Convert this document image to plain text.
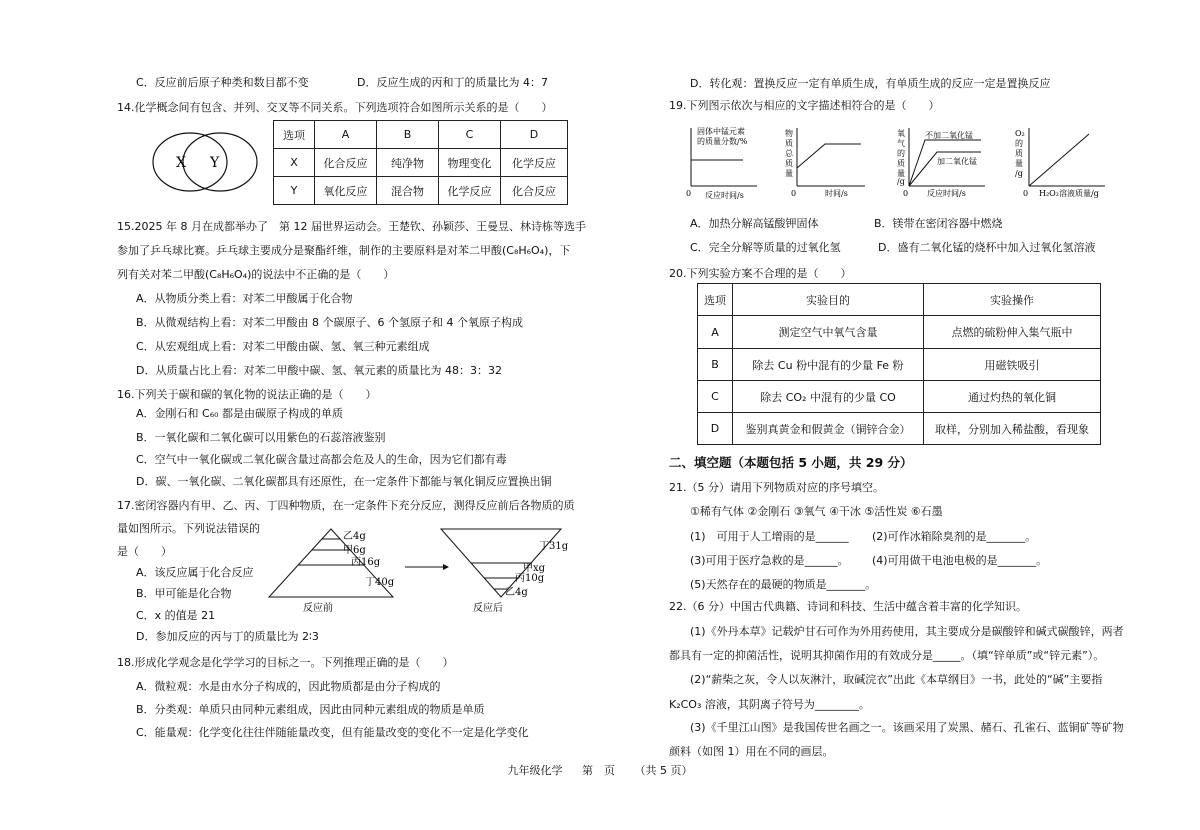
C．反应前后原子种类和数目都不变	D．反应生成的丙和丁的质量比为 4：7
14.化学概念间有包含、并列、交叉等不同关系。下列选项符合如图所示关系的是（　　）
X Y
选项	A	B	C	D
X	化合反应	纯净物	物理变化	化学反应
Y	氧化反应	混合物	化学反应	化合反应
15.2025 年 8 月在成都举办了　第 12 届世界运动会。王楚钦、孙颖莎、王曼昱、林诗栋等选手
参加了乒乓球比赛。乒乓球主要成分是聚酯纤维，制作的主要原料是对苯二甲酸(C₈H₆O₄)，下
列有关对苯二甲酸(C₈H₆O₄)的说法中不正确的是（　　）
A．从物质分类上看：对苯二甲酸属于化合物
B．从微观结构上看：对苯二甲酸由 8 个碳原子、6 个氢原子和 4 个氧原子构成
C．从宏观组成上看：对苯二甲酸由碳、氢、氧三种元素组成
D．从质量占比上看：对苯二甲酸中碳、氢、氧元素的质量比为 48：3：32
16.下列关于碳和碳的氧化物的说法正确的是（　　）
A．金刚石和 C₆₀ 都是由碳原子构成的单质
B．一氧化碳和二氧化碳可以用紫色的石蕊溶液鉴别
C．空气中一氧化碳或二氧化碳含量过高都会危及人的生命，因为它们都有毒
D．碳、一氧化碳、二氧化碳都具有还原性，在一定条件下都能与氧化铜反应置换出铜
17.密闭容器内有甲、乙、丙、丁四种物质，在一定条件下充分反应，测得反应前后各物质的质
量如图所示。下列说法错误的
是（　　）
A．该反应属于化合反应
B．甲可能是化合物
C．x 的值是 21
D．参加反应的丙与丁的质量比为 2∶3
乙4g
甲6g
丙16g
丁40g
反应前
丁31g
甲xg
丙10g
乙4g
反应后
18.形成化学观念是化学学习的目标之一。下列推理正确的是（　　）
A．微粒观：水是由水分子构成的，因此物质都是由分子构成的
B．分类观：单质只由同种元素组成，因此由同种元素组成的物质是单质
C．能量观：化学变化往往伴随能量改变，但有能量改变的变化不一定是化学变化
D．转化观：置换反应一定有单质生成，有单质生成的反应一定是置换反应
19.下列图示依次与相应的文字描述相符合的是（　　）
固体中锰元素
的质量分数/%
0 反应时间/s
物
质
总
质
量
0	时间/s
氧
气
的
质
量
/g
不加二氧化锰
加二氧化锰
0 反应时间/s
O₂
的
质
量
/g
0 H₂O₂溶液质量/g
A．加热分解高锰酸钾固体	B．镁带在密闭容器中燃烧
C．完全分解等质量的过氧化氢	D．盛有二氧化锰的烧杯中加入过氧化氢溶液
20.下列实验方案不合理的是（　　）
选项	实验目的	实验操作
A	测定空气中氧气含量	点燃的硫粉伸入集气瓶中
B	除去 Cu 粉中混有的少量 Fe 粉	用磁铁吸引
C	除去 CO₂ 中混有的少量 CO	通过灼热的氧化铜
D	鉴别真黄金和假黄金（铜锌合金）	取样，分别加入稀盐酸，看现象
二、填空题（本题包括 5 小题，共 29 分）
21.（5 分）请用下列物质对应的序号填空。
①稀有气体 ②金刚石 ③氧气 ④干冰 ⑤活性炭 ⑥石墨
(1)　可用于人工增雨的是______ (2)可作冰箱除臭剂的是_______。
(3)可用于医疗急救的是______。 (4)可用做干电池电极的是_______。
(5)天然存在的最硬的物质是_______。
22.（6 分）中国古代典籍、诗词和科技、生活中蕴含着丰富的化学知识。
(1)《外丹本草》记载炉甘石可作为外用药使用，其主要成分是碳酸锌和碱式碳酸锌，两者
都具有一定的抑菌活性，说明其抑菌作用的有效成分是_____。（填“锌单质”或“锌元素”）。
(2)“薪柴之灰，令人以灰淋汁，取碱浣衣”出此《本草纲目》一书，此处的“碱”主要指
K₂CO₃ 溶液，其阴离子符号为________。
(3)《千里江山图》是我国传世名画之一。该画采用了炭黑、赭石、孔雀石、蓝铜矿等矿物
颜料（如图 1）用在不同的画层。
九年级化学 第　页 （共 5 页）
